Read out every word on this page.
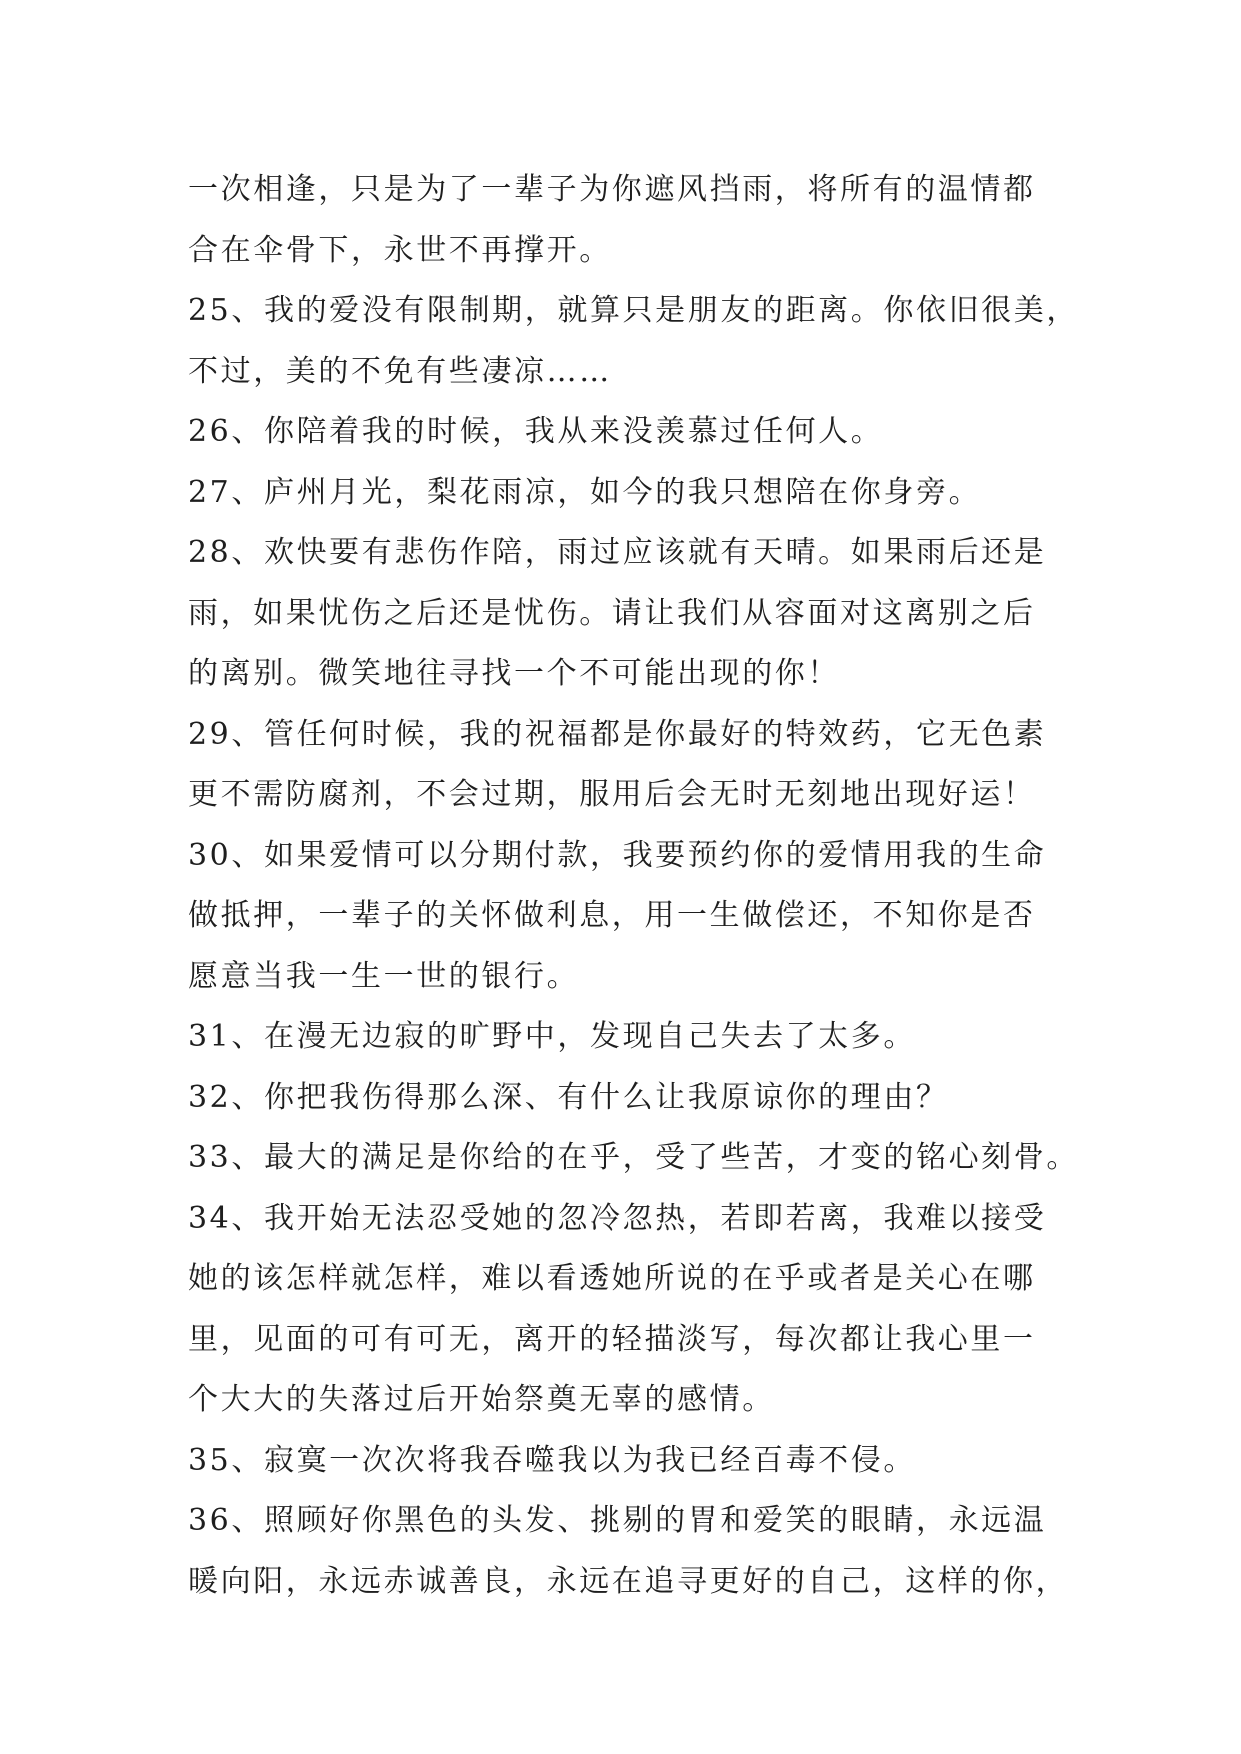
一次相逢，只是为了一辈子为你遮风挡雨，将所有的温情都
合在伞骨下，永世不再撑开。
25、我的爱没有限制期，就算只是朋友的距离。你依旧很美，
不过，美的不免有些凄凉……
26、你陪着我的时候，我从来没羡慕过任何人。
27、庐州月光，梨花雨凉，如今的我只想陪在你身旁。
28、欢快要有悲伤作陪，雨过应该就有天晴。如果雨后还是
雨，如果忧伤之后还是忧伤。请让我们从容面对这离别之后
的离别。微笑地往寻找一个不可能出现的你！
29、管任何时候，我的祝福都是你最好的特效药，它无色素
更不需防腐剂，不会过期，服用后会无时无刻地出现好运！
30、如果爱情可以分期付款，我要预约你的爱情用我的生命
做抵押，一辈子的关怀做利息，用一生做偿还，不知你是否
愿意当我一生一世的银行。
31、在漫无边寂的旷野中，发现自己失去了太多。
32、你把我伤得那么深、有什么让我原谅你的理由？
33、最大的满足是你给的在乎，受了些苦，才变的铭心刻骨。
34、我开始无法忍受她的忽冷忽热，若即若离，我难以接受
她的该怎样就怎样，难以看透她所说的在乎或者是关心在哪
里，见面的可有可无，离开的轻描淡写，每次都让我心里一
个大大的失落过后开始祭奠无辜的感情。
35、寂寞一次次将我吞噬我以为我已经百毒不侵。
36、照顾好你黑色的头发、挑剔的胃和爱笑的眼睛，永远温
暖向阳，永远赤诚善良，永远在追寻更好的自己，这样的你，
